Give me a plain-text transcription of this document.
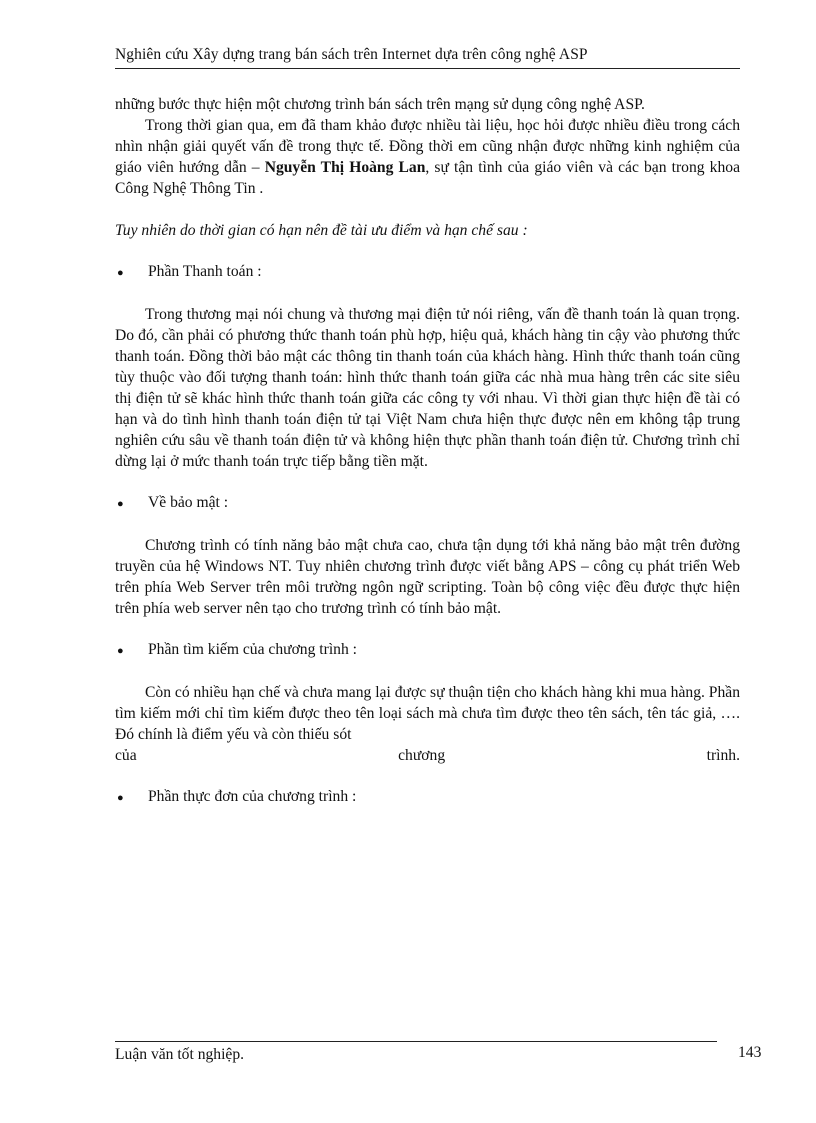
Nghiên cứu Xây dựng trang bán sách trên Internet dựa trên công nghệ ASP

những bước thực hiện một chương trình bán sách trên mạng sử dụng công nghệ ASP.

Trong thời gian qua, em đã tham khảo được nhiều tài liệu, học hỏi được nhiều điều trong cách nhìn nhận giải quyết vấn đề trong thực tế. Đồng thời em cũng nhận được những kinh nghiệm của giáo viên hướng dẫn – Nguyễn Thị Hoàng Lan, sự tận tình của giáo viên và các bạn trong khoa Công Nghệ Thông Tin .

Tuy nhiên do thời gian có hạn nên đề tài ưu điểm và hạn chế sau :

●	Phần Thanh toán :

Trong thương mại nói chung và thương mại điện tử nói riêng, vấn đề thanh toán là quan trọng. Do đó, cần phải có phương thức thanh toán phù hợp, hiệu quả, khách hàng tin cậy vào phương thức thanh toán. Đồng thời bảo mật các thông tin thanh toán của khách hàng. Hình thức thanh toán cũng tùy thuộc vào đối tượng thanh toán: hình thức thanh toán giữa các nhà mua hàng trên các site siêu thị điện tử sẽ khác hình thức thanh toán giữa các công ty với nhau. Vì thời gian thực hiện đề tài có hạn và do tình hình thanh toán điện tử tại Việt Nam chưa hiện thực được nên em không tập trung nghiên cứu sâu về thanh toán điện tử và không hiện thực phần thanh toán điện tử. Chương trình chỉ dừng lại ở mức thanh toán trực tiếp bằng tiền mặt.

●	Về bảo mật :

Chương trình có tính năng bảo mật chưa cao, chưa tận dụng tới khả năng bảo mật trên đường truyền của hệ Windows NT. Tuy nhiên chương trình được viết bằng APS – công cụ phát triển Web trên phía Web Server trên môi trường ngôn ngữ scripting. Toàn bộ công việc đều được thực hiện trên phía web server nên tạo cho trương trình có tính bảo mật.

●	Phần tìm kiếm của chương trình :

Còn có nhiều hạn chế và chưa mang lại được sự thuận tiện cho khách hàng khi mua hàng. Phần tìm kiếm mới chỉ tìm kiếm được theo tên loại sách mà chưa tìm được theo tên sách, tên tác giả, …. Đó chính là điểm yếu và còn thiếu sót

của	chương	trình.
●	Phần thực đơn của chương trình :
Luận văn tốt nghiệp.	143
